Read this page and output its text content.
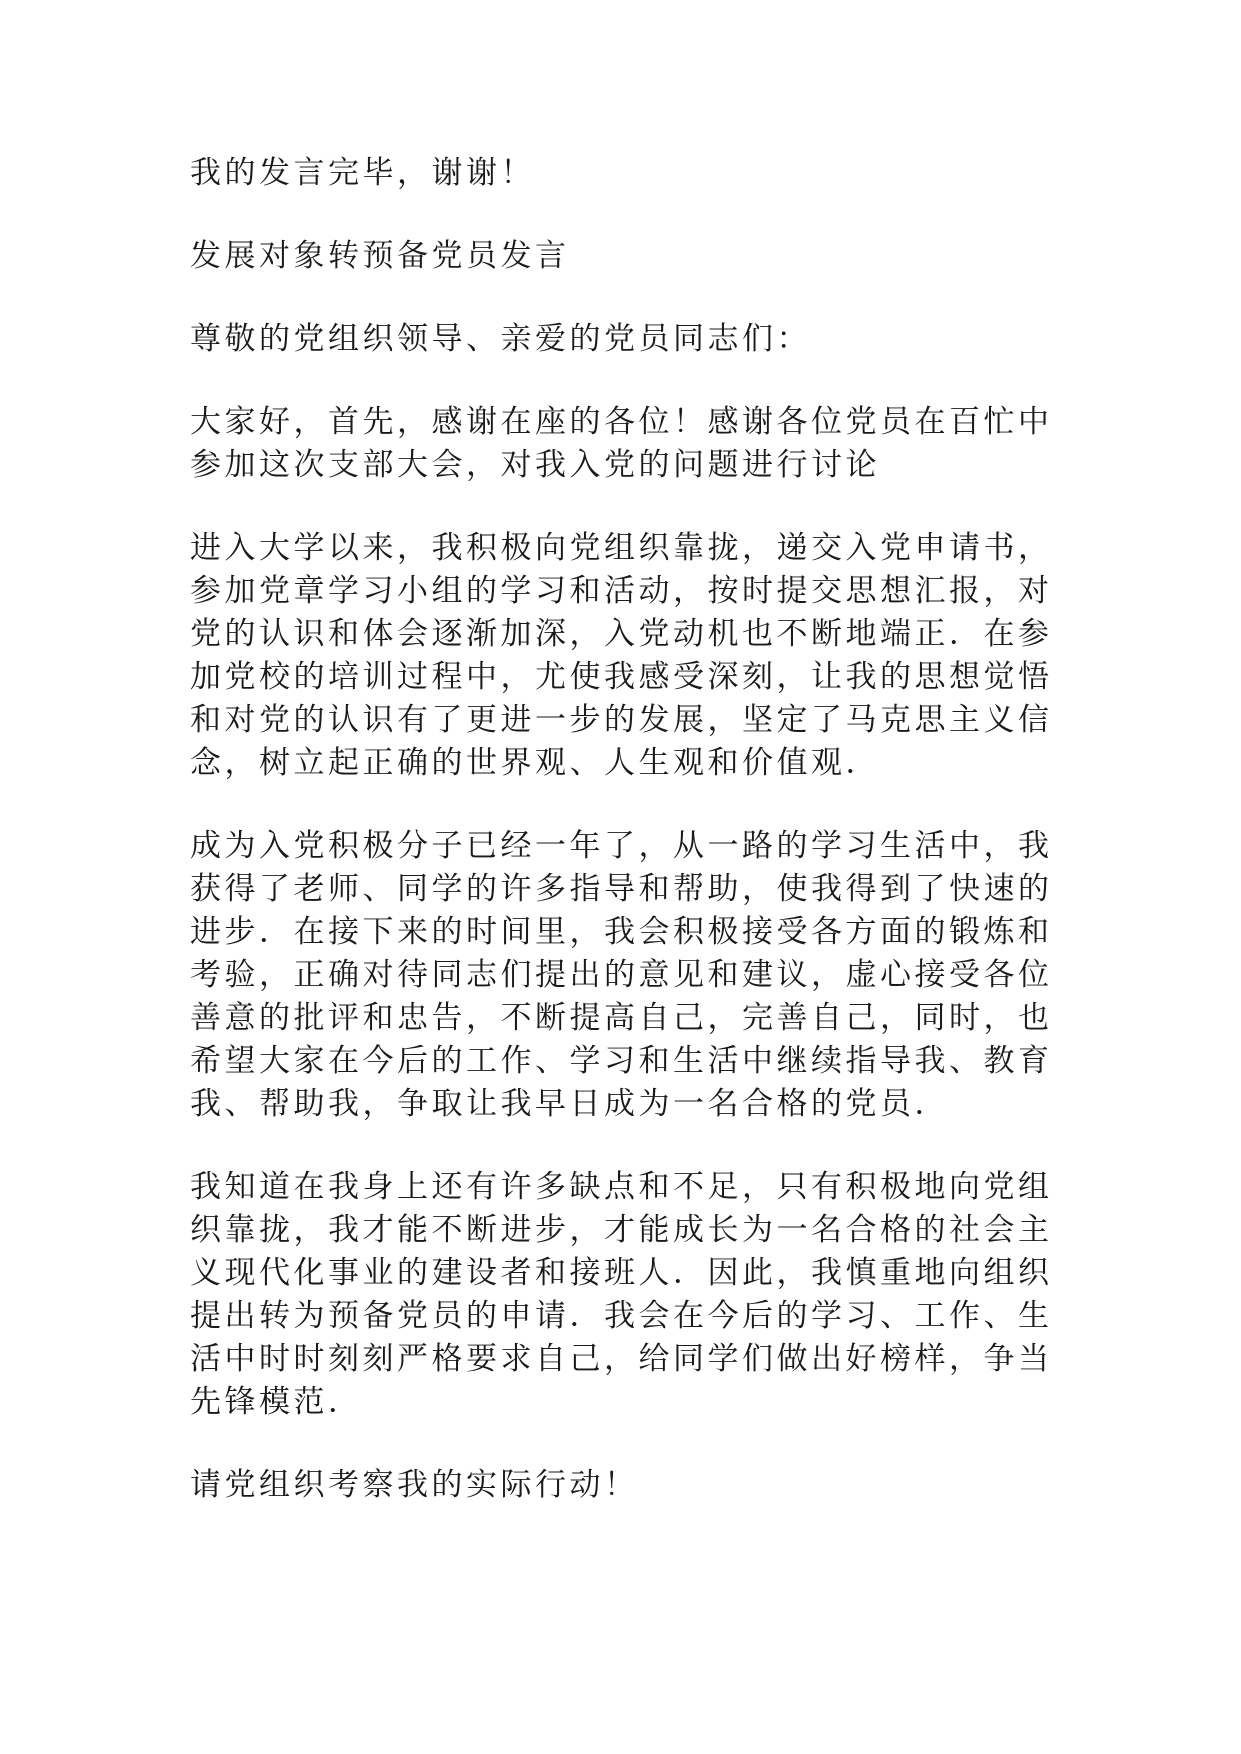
我的发言完毕，谢谢！

发展对象转预备党员发言

尊敬的党组织领导、亲爱的党员同志们：

大家好，首先，感谢在座的各位！感谢各位党员在百忙中
参加这次支部大会，对我入党的问题进行讨论

进入大学以来，我积极向党组织靠拢，递交入党申请书，
参加党章学习小组的学习和活动，按时提交思想汇报，对
党的认识和体会逐渐加深，入党动机也不断地端正．在参
加党校的培训过程中，尤使我感受深刻，让我的思想觉悟
和对党的认识有了更进一步的发展，坚定了马克思主义信
念，树立起正确的世界观、人生观和价值观．

成为入党积极分子已经一年了，从一路的学习生活中，我
获得了老师、同学的许多指导和帮助，使我得到了快速的
进步．在接下来的时间里，我会积极接受各方面的锻炼和
考验，正确对待同志们提出的意见和建议，虚心接受各位
善意的批评和忠告，不断提高自己，完善自己，同时，也
希望大家在今后的工作、学习和生活中继续指导我、教育
我、帮助我，争取让我早日成为一名合格的党员．

我知道在我身上还有许多缺点和不足，只有积极地向党组
织靠拢，我才能不断进步，才能成长为一名合格的社会主
义现代化事业的建设者和接班人．因此，我慎重地向组织
提出转为预备党员的申请．我会在今后的学习、工作、生
活中时时刻刻严格要求自己，给同学们做出好榜样，争当
先锋模范．

请党组织考察我的实际行动！
